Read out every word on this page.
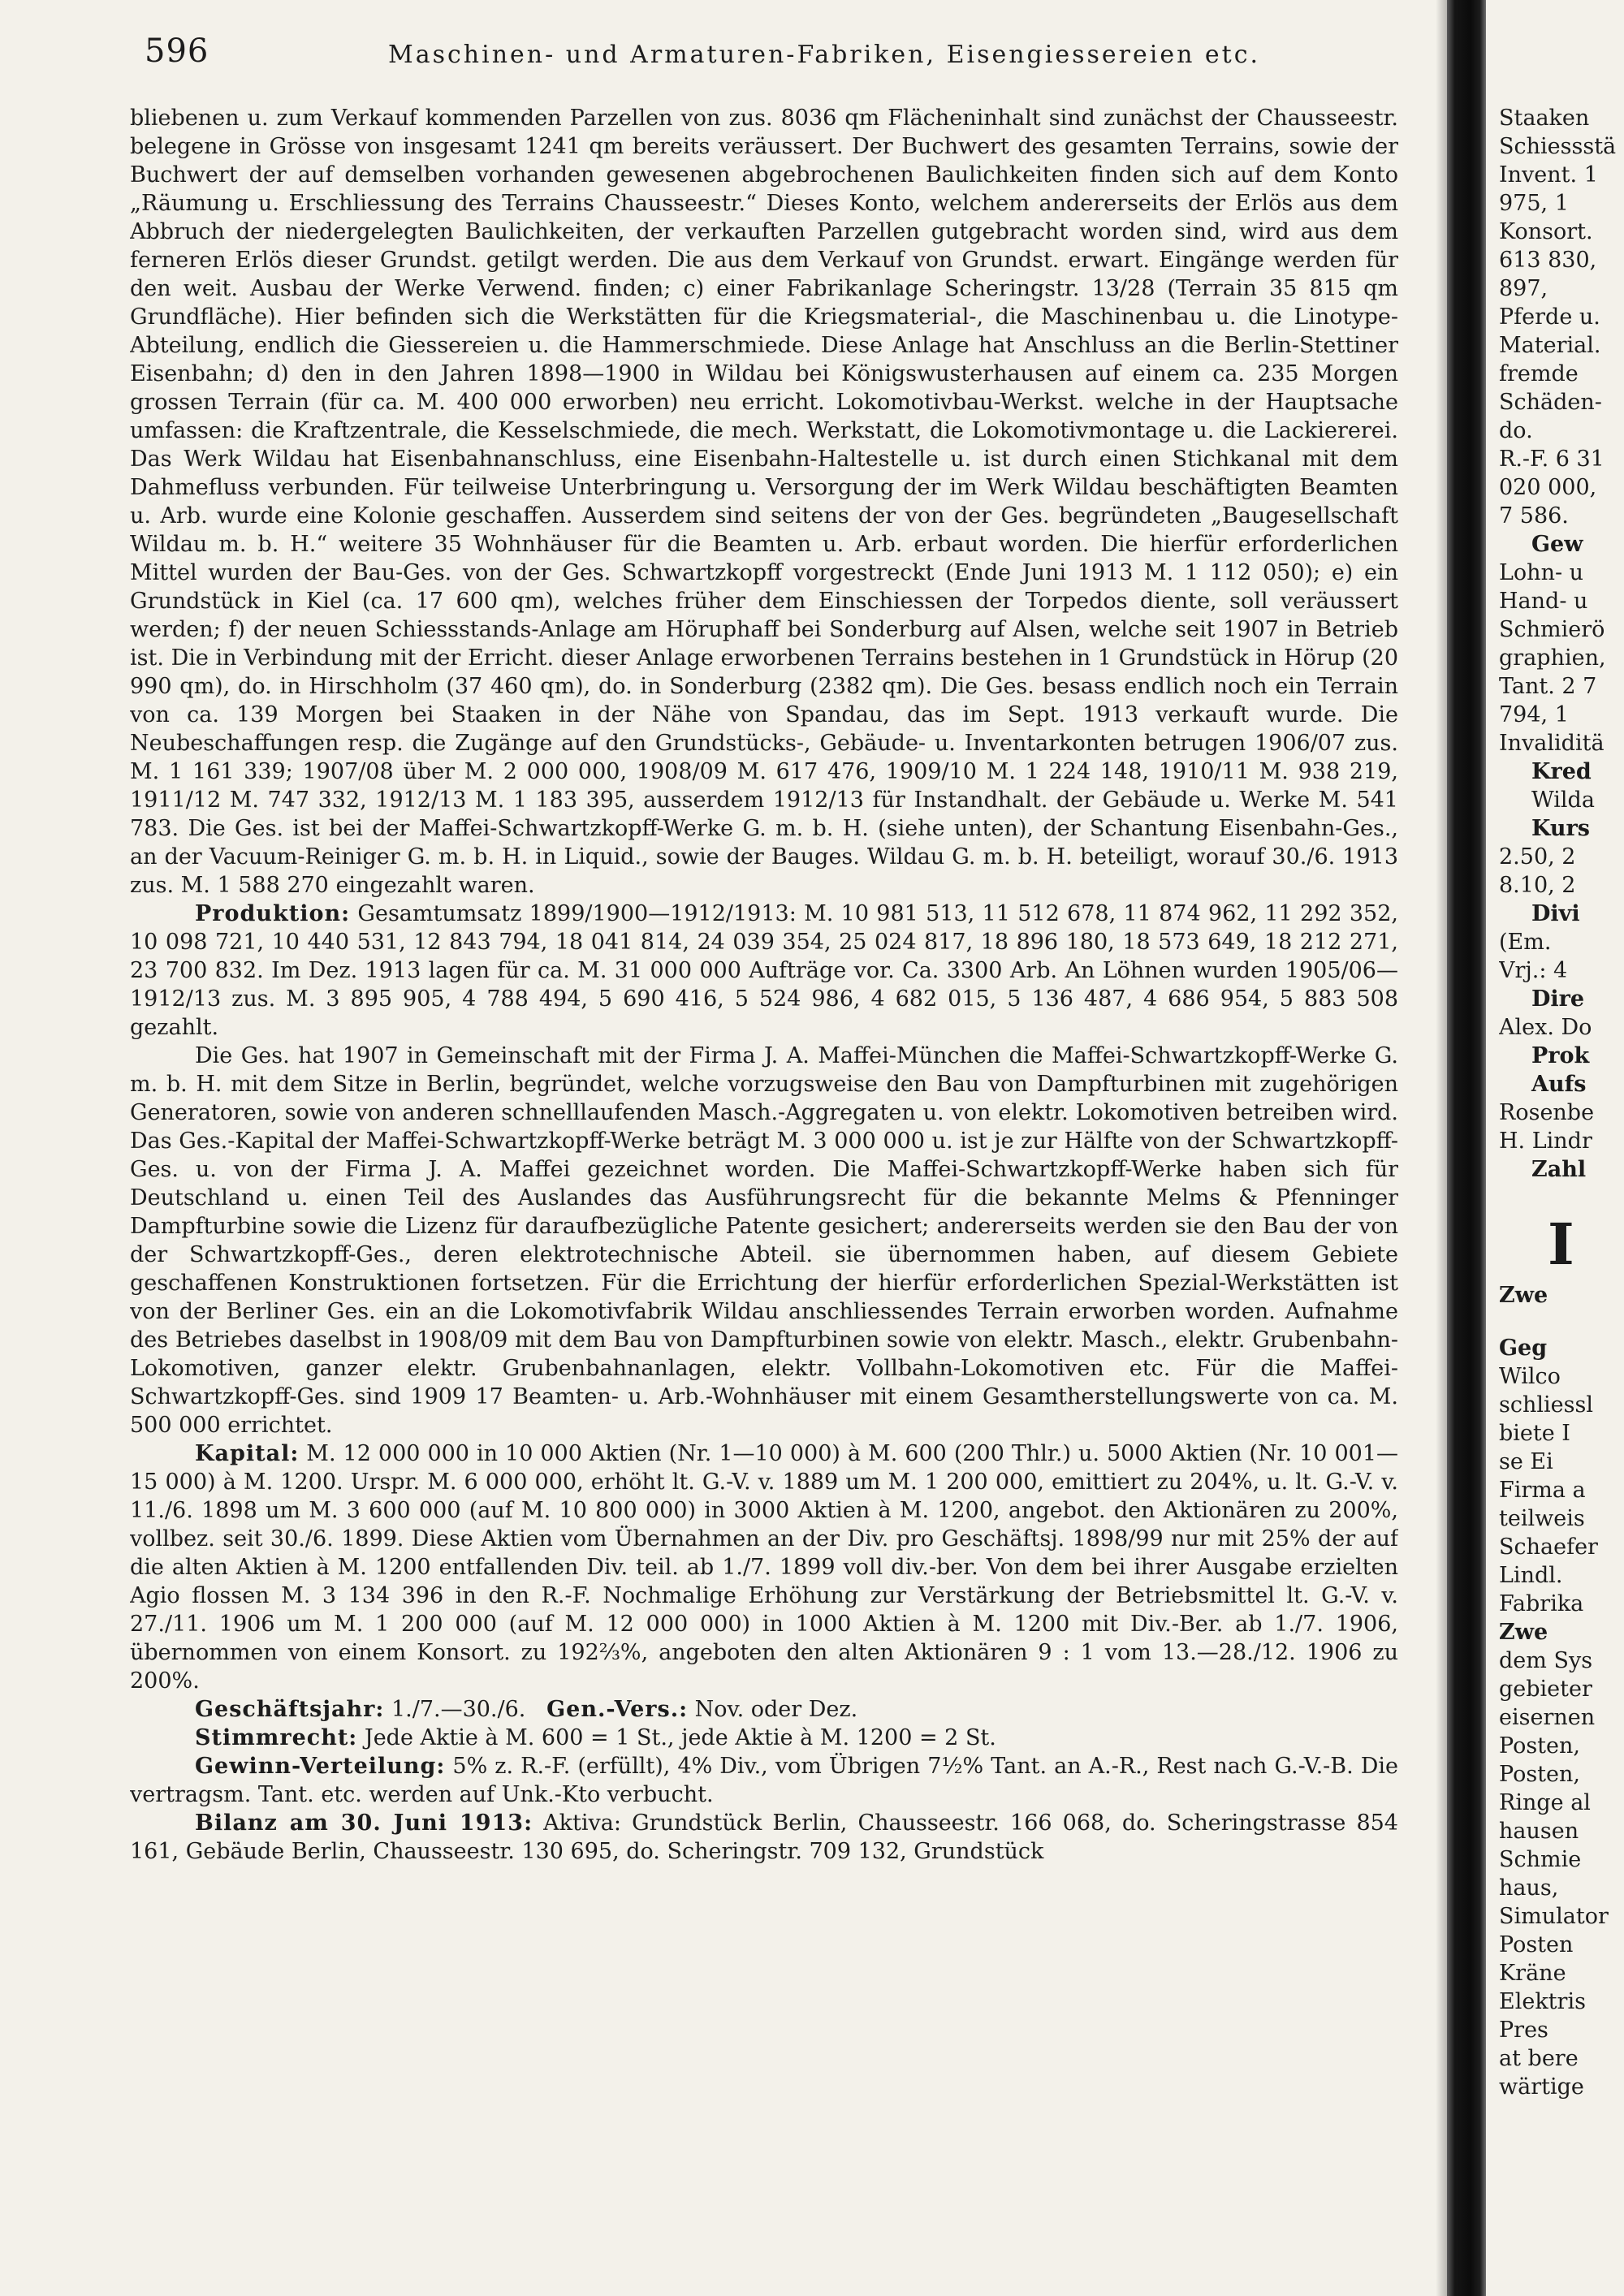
596	Maschinen- und Armaturen-Fabriken, Eisengiessereien etc.

bliebenen u. zum Verkauf kommenden Parzellen von zus. 8036 qm Flächeninhalt sind zunächst der Chausseestr. belegene in Grösse von insgesamt 1241 qm bereits veräussert. Der Buchwert des gesamten Terrains, sowie der Buchwert der auf demselben vorhanden gewesenen abgebrochenen Baulichkeiten finden sich auf dem Konto „Räumung u. Erschliessung des Terrains Chausseestr.“ Dieses Konto, welchem andererseits der Erlös aus dem Abbruch der niedergelegten Baulichkeiten, der verkauften Parzellen gutgebracht worden sind, wird aus dem ferneren Erlös dieser Grundst. getilgt werden. Die aus dem Verkauf von Grundst. erwart. Eingänge werden für den weit. Ausbau der Werke Verwend. finden; c) einer Fabrikanlage Scheringstr. 13/28 (Terrain 35 815 qm Grundfläche). Hier befinden sich die Werkstätten für die Kriegsmaterial-, die Maschinenbau u. die Linotype-Abteilung, endlich die Giessereien u. die Hammerschmiede. Diese Anlage hat Anschluss an die Berlin-Stettiner Eisenbahn; d) den in den Jahren 1898—1900 in Wildau bei Königswusterhausen auf einem ca. 235 Morgen grossen Terrain (für ca. M. 400 000 erworben) neu erricht. Lokomotivbau-Werkst. welche in der Hauptsache umfassen: die Kraftzentrale, die Kesselschmiede, die mech. Werkstatt, die Lokomotivmontage u. die Lackiererei. Das Werk Wildau hat Eisenbahnanschluss, eine Eisenbahn-Haltestelle u. ist durch einen Stichkanal mit dem Dahmefluss verbunden. Für teilweise Unterbringung u. Versorgung der im Werk Wildau beschäftigten Beamten u. Arb. wurde eine Kolonie geschaffen. Ausserdem sind seitens der von der Ges. begründeten „Baugesellschaft Wildau m. b. H.“ weitere 35 Wohnhäuser für die Beamten u. Arb. erbaut worden. Die hierfür erforderlichen Mittel wurden der Bau-Ges. von der Ges. Schwartzkopff vorgestreckt (Ende Juni 1913 M. 1 112 050); e) ein Grundstück in Kiel (ca. 17 600 qm), welches früher dem Einschiessen der Torpedos diente, soll veräussert werden; f) der neuen Schiessstands-Anlage am Höruphaff bei Sonderburg auf Alsen, welche seit 1907 in Betrieb ist. Die in Verbindung mit der Erricht. dieser Anlage erworbenen Terrains bestehen in 1 Grundstück in Hörup (20 990 qm), do. in Hirschholm (37 460 qm), do. in Sonderburg (2382 qm). Die Ges. besass endlich noch ein Terrain von ca. 139 Morgen bei Staaken in der Nähe von Spandau, das im Sept. 1913 verkauft wurde. Die Neubeschaffungen resp. die Zugänge auf den Grundstücks-, Gebäude- u. Inventarkonten betrugen 1906/07 zus. M. 1 161 339; 1907/08 über M. 2 000 000, 1908/09 M. 617 476, 1909/10 M. 1 224 148, 1910/11 M. 938 219, 1911/12 M. 747 332, 1912/13 M. 1 183 395, ausserdem 1912/13 für Instandhalt. der Gebäude u. Werke M. 541 783. Die Ges. ist bei der Maffei-Schwartzkopff-Werke G. m. b. H. (siehe unten), der Schantung Eisenbahn-Ges., an der Vacuum-Reiniger G. m. b. H. in Liquid., sowie der Bauges. Wildau G. m. b. H. beteiligt, worauf 30./6. 1913 zus. M. 1 588 270 eingezahlt waren.

Produktion: Gesamtumsatz 1899/1900—1912/1913: M. 10 981 513, 11 512 678, 11 874 962, 11 292 352, 10 098 721, 10 440 531, 12 843 794, 18 041 814, 24 039 354, 25 024 817, 18 896 180, 18 573 649, 18 212 271, 23 700 832. Im Dez. 1913 lagen für ca. M. 31 000 000 Aufträge vor. Ca. 3300 Arb. An Löhnen wurden 1905/06—1912/13 zus. M. 3 895 905, 4 788 494, 5 690 416, 5 524 986, 4 682 015, 5 136 487, 4 686 954, 5 883 508 gezahlt.

Die Ges. hat 1907 in Gemeinschaft mit der Firma J. A. Maffei-München die Maffei-Schwartzkopff-Werke G. m. b. H. mit dem Sitze in Berlin, begründet, welche vorzugsweise den Bau von Dampfturbinen mit zugehörigen Generatoren, sowie von anderen schnelllaufenden Masch.-Aggregaten u. von elektr. Lokomotiven betreiben wird. Das Ges.-Kapital der Maffei-Schwartzkopff-Werke beträgt M. 3 000 000 u. ist je zur Hälfte von der Schwartzkopff-Ges. u. von der Firma J. A. Maffei gezeichnet worden. Die Maffei-Schwartzkopff-Werke haben sich für Deutschland u. einen Teil des Auslandes das Ausführungsrecht für die bekannte Melms & Pfenninger Dampfturbine sowie die Lizenz für daraufbezügliche Patente gesichert; andererseits werden sie den Bau der von der Schwartzkopff-Ges., deren elektrotechnische Abteil. sie übernommen haben, auf diesem Gebiete geschaffenen Konstruktionen fortsetzen. Für die Errichtung der hierfür erforderlichen Spezial-Werkstätten ist von der Berliner Ges. ein an die Lokomotivfabrik Wildau anschliessendes Terrain erworben worden. Aufnahme des Betriebes daselbst in 1908/09 mit dem Bau von Dampfturbinen sowie von elektr. Masch., elektr. Grubenbahn-Lokomotiven, ganzer elektr. Grubenbahnanlagen, elektr. Vollbahn-Lokomotiven etc. Für die Maffei-Schwartzkopff-Ges. sind 1909 17 Beamten- u. Arb.-Wohnhäuser mit einem Gesamtherstellungswerte von ca. M. 500 000 errichtet.

Kapital: M. 12 000 000 in 10 000 Aktien (Nr. 1—10 000) à M. 600 (200 Thlr.) u. 5000 Aktien (Nr. 10 001—15 000) à M. 1200. Urspr. M. 6 000 000, erhöht lt. G.-V. v. 1889 um M. 1 200 000, emittiert zu 204%, u. lt. G.-V. v. 11./6. 1898 um M. 3 600 000 (auf M. 10 800 000) in 3000 Aktien à M. 1200, angebot. den Aktionären zu 200%, vollbez. seit 30./6. 1899. Diese Aktien vom Übernahmen an der Div. pro Geschäftsj. 1898/99 nur mit 25% der auf die alten Aktien à M. 1200 entfallenden Div. teil. ab 1./7. 1899 voll div.-ber. Von dem bei ihrer Ausgabe erzielten Agio flossen M. 3 134 396 in den R.-F. Nochmalige Erhöhung zur Verstärkung der Betriebsmittel lt. G.-V. v. 27./11. 1906 um M. 1 200 000 (auf M. 12 000 000) in 1000 Aktien à M. 1200 mit Div.-Ber. ab 1./7. 1906, übernommen von einem Konsort. zu 192⅔%, angeboten den alten Aktionären 9 : 1 vom 13.—28./12. 1906 zu 200%.

Geschäftsjahr: 1./7.—30./6. Gen.-Vers.: Nov. oder Dez.

Stimmrecht: Jede Aktie à M. 600 = 1 St., jede Aktie à M. 1200 = 2 St.

Gewinn-Verteilung: 5% z. R.-F. (erfüllt), 4% Div., vom Übrigen 7½% Tant. an A.-R., Rest nach G.-V.-B. Die vertragsm. Tant. etc. werden auf Unk.-Kto verbucht.

Bilanz am 30. Juni 1913: Aktiva: Grundstück Berlin, Chausseestr. 166 068, do. Scheringstrasse 854 161, Gebäude Berlin, Chausseestr. 130 695, do. Scheringstr. 709 132, Grundstück

Staaken
Schiessstä
Invent. 1
975, 1
Konsort.
613 830,
897,
Pferde u.
Material.
fremde
Schäden-
do.
R.-F. 6 31
020 000,
7 586.
Gew
Lohn- u
Hand- u
Schmierö
graphien,
Tant. 2 7
794, 1
Invaliditä
Kred
Wilda
Kurs
2.50, 2
8.10, 2
Divi
(Em.
Vrj.: 4
Dire
Alex. Do
Prok
Aufs
Rosenbe
H. Lindr
Zahl
I
Zwe
Geg
Wilco
schliessl
biete I
se Ei
Firma a
teilweis
Schaefer
Lindl.
Fabrika
Zwe
dem Sys
gebieter
eisernen
Posten,
Posten,
Ringe al
hausen
Schmie
haus,
Simulator
Posten
Kräne
Elektris
Pres
at bere
wärtige
